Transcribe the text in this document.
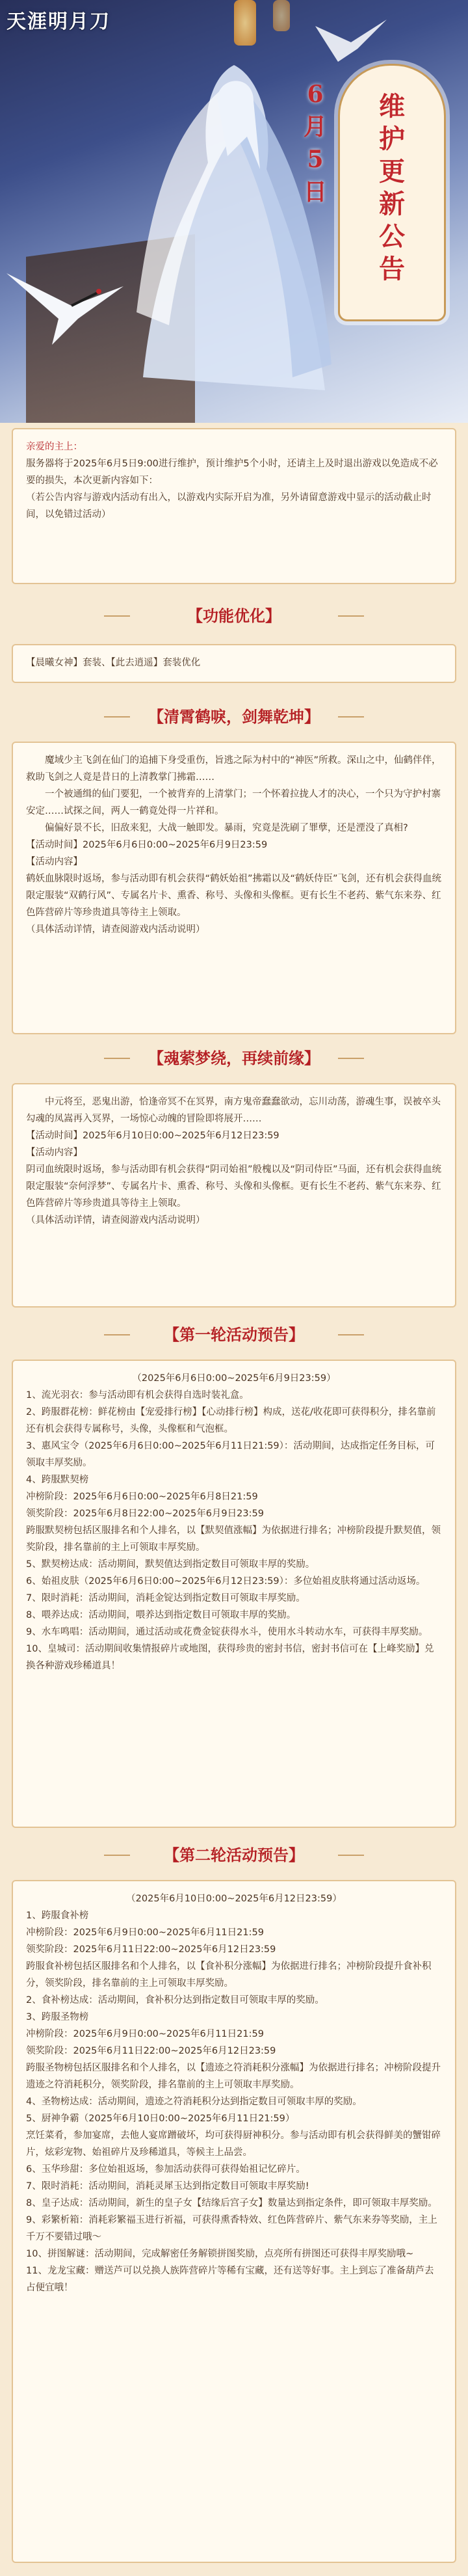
天涯明月刀
维
护
更
新
公
告
6
月
5
日

亲爱的主上：

服务器将于2025年6月5日9:00进行维护，预计维护5个小时，还请主上及时退出游戏以免造成不必要的损失，本次更新内容如下：

（若公告内容与游戏内活动有出入，以游戏内实际开启为准，另外请留意游戏中显示的活动截止时间，以免错过活动）

【功能优化】

【晨曦女神】套装、【此去逍遥】套装优化

【清霄鹤唳，剑舞乾坤】

魔域少主飞剑在仙门的追捕下身受重伤，旨逃之际为村中的“神医”所救。深山之中，仙鹤伴伴，救助飞剑之人竟是昔日的上清教掌门拂霜……

一个被通缉的仙门要犯，一个被背弃的上清掌门；一个怀着拉拢人才的决心，一个只为守护村寨安定……试探之间，两人一鹤竟处得一片祥和。

偏偏好景不长，旧敌来犯，大战一触即发。暴雨，究竟是洗刷了罪孽，还是湮没了真相?

【活动时间】2025年6月6日0:00~2025年6月9日23:59

【活动内容】

鹤妖血脉限时返场，参与活动即有机会获得“鹤妖始祖”拂霜以及“鹤妖侍臣”飞剑，还有机会获得血统限定服装“双鹤行风”、专属名片卡、熏香、称号、头像和头像框。更有长生不老药、紫气东来券、红色阵营碎片等珍贵道具等待主上领取。

（具体活动详情，请查阅游戏内活动说明）

【魂萦梦绕，再续前缘】

中元将至，恶鬼出游，恰逢帝冥不在冥界，南方鬼帝蠢蠢欲动，忘川动荡，游魂生事，误被卒头勾魂的凤嵩再入冥界，一场惊心动魄的冒险即将展开……

【活动时间】2025年6月10日0:00~2025年6月12日23:59

【活动内容】

阴司血统限时返场，参与活动即有机会获得“阴司始祖”般槐以及“阴司侍臣”马面，还有机会获得血统限定服装“奈何浮梦”、专属名片卡、熏香、称号、头像和头像框。更有长生不老药、紫气东来券、红色阵营碎片等珍贵道具等待主上领取。

（具体活动详情，请查阅游戏内活动说明）

【第一轮活动预告】

（2025年6月6日0:00~2025年6月9日23:59）

1、流光羽衣：参与活动即有机会获得自选时装礼盒。

2、跨服群花榜：鲜花榜由【宠爱排行榜】【心动排行榜】构成，送花/收花即可获得积分，排名靠前还有机会获得专属称号，头像，头像框和气泡框。

3、惠风宝令（2025年6月6日0:00~2025年6月11日21:59）：活动期间，达成指定任务目标，可领取丰厚奖励。

4、跨服默契榜

冲榜阶段：2025年6月6日0:00~2025年6月8日21:59

领奖阶段：2025年6月8日22:00~2025年6月9日23:59

跨服默契榜包括区服排名和个人排名，以【默契值涨幅】为依据进行排名；冲榜阶段提升默契值，领奖阶段，排名靠前的主上可领取丰厚奖励。

5、默契榜达成：活动期间，默契值达到指定数目可领取丰厚的奖励。

6、始祖皮肤（2025年6月6日0:00~2025年6月12日23:59）：多位始祖皮肤将通过活动返场。

7、限时消耗：活动期间，消耗金锭达到指定数目可领取丰厚奖励。

8、喂养达成：活动期间，喂养达到指定数目可领取丰厚的奖励。

9、水车鸣唱：活动期间，通过活动或花费金锭获得水斗，使用水斗转动水车，可获得丰厚奖励。

10、皇城司：活动期间收集情报碎片或地图，获得珍贵的密封书信，密封书信可在【上峰奖励】兑换各种游戏珍稀道具！

【第二轮活动预告】

（2025年6月10日0:00~2025年6月12日23:59）

1、跨服食补榜

冲榜阶段：2025年6月9日0:00~2025年6月11日21:59

领奖阶段：2025年6月11日22:00~2025年6月12日23:59

跨服食补榜包括区服排名和个人排名，以【食补积分涨幅】为依据进行排名；冲榜阶段提升食补积分，领奖阶段，排名靠前的主上可领取丰厚奖励。

2、食补榜达成：活动期间，食补积分达到指定数目可领取丰厚的奖励。

3、跨服圣物榜

冲榜阶段：2025年6月9日0:00~2025年6月11日21:59

领奖阶段：2025年6月11日22:00~2025年6月12日23:59

跨服圣物榜包括区服排名和个人排名，以【遗迹之符消耗积分涨幅】为依据进行排名；冲榜阶段提升遗迹之符消耗积分，领奖阶段，排名靠前的主上可领取丰厚奖励。

4、圣物榜达成：活动期间，遗迹之符消耗积分达到指定数目可领取丰厚的奖励。

5、厨神争霸（2025年6月10日0:00~2025年6月11日21:59）

烹饪菜肴，参加宴席，去他人宴席蹭破坏，均可获得厨神积分。参与活动即有机会获得鲜美的蟹钳碎片，炫彩宠物、始祖碎片及珍稀道具，等候主上品尝。

6、玉华珍甜：多位始祖返场，参加活动获得可获得始祖记忆碎片。

7、限时消耗：活动期间，消耗灵犀玉达到指定数目可领取丰厚奖励!

8、皇子达成：活动期间，新生的皇子女【结缘后宫子女】数量达到指定条件，即可领取丰厚奖励。

9、彩繁析箱：消耗彩繁福玉进行祈福，可获得熏香特效、红色阵营碎片、紫气东来券等奖励，主上千万不要错过哦～

10、拼图解谜：活动期间，完成解密任务解锁拼图奖励，点亮所有拼图还可获得丰厚奖励哦~

11、龙龙宝藏：赠送芦可以兑换人族阵营碎片等稀有宝藏，还有送等好事。主上到忘了准备葫芦去占便宜哦！
